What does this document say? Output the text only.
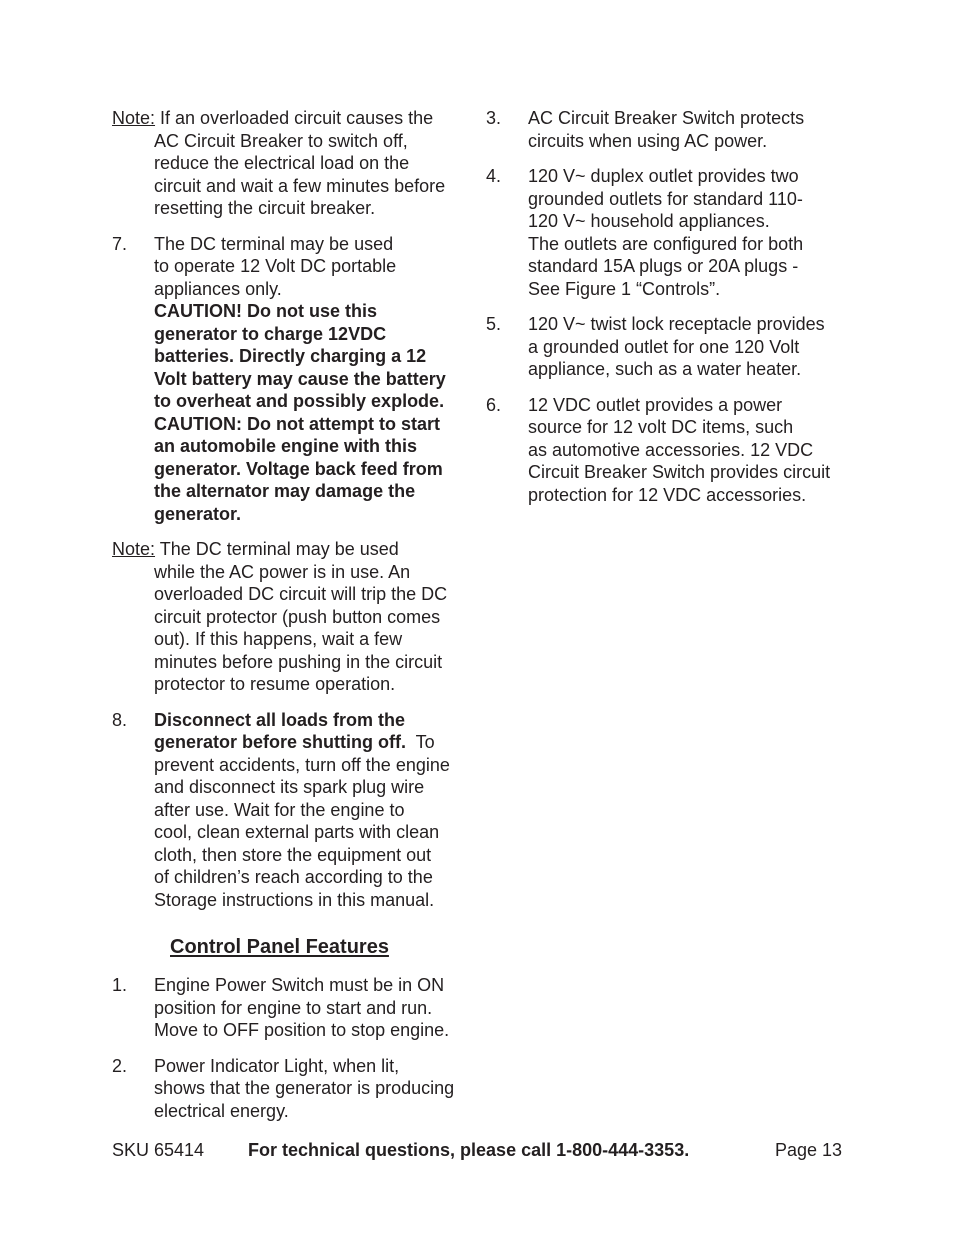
Note: If an overloaded circuit causes the
AC Circuit Breaker to switch off,
reduce the electrical load on the
circuit and wait a few minutes before
resetting the circuit breaker.
7. The DC terminal may be used
to operate 12 Volt DC portable
appliances only.
CAUTION! Do not use this
generator to charge 12VDC
batteries. Directly charging a 12
Volt battery may cause the battery
to overheat and possibly explode.
CAUTION: Do not attempt to start
an automobile engine with this
generator. Voltage back feed from
the alternator may damage the
generator.
Note: The DC terminal may be used
while the AC power is in use. An
overloaded DC circuit will trip the DC
circuit protector (push button comes
out). If this happens, wait a few
minutes before pushing in the circuit
protector to resume operation.
8. Disconnect all loads from the
generator before shutting off.  To
prevent accidents, turn off the engine
and disconnect its spark plug wire
after use. Wait for the engine to
cool, clean external parts with clean
cloth, then store the equipment out
of children’s reach according to the
Storage instructions in this manual.
Control Panel Features
1. Engine Power Switch must be in ON
position for engine to start and run.
Move to OFF position to stop engine.
2. Power Indicator Light, when lit,
shows that the generator is producing
electrical energy.
3. AC Circuit Breaker Switch protects
circuits when using AC power.
4. 120 V~ duplex outlet provides two
grounded outlets for standard 110-
120 V~ household appliances.
The outlets are configured for both
standard 15A plugs or 20A plugs -
See Figure 1 “Controls”.
5. 120 V~ twist lock receptacle provides
a grounded outlet for one 120 Volt
appliance, such as a water heater.
6. 12 VDC outlet provides a power
source for 12 volt DC items, such
as automotive accessories. 12 VDC
Circuit Breaker Switch provides circuit
protection for 12 VDC accessories.
SKU 65414 For technical questions, please call 1-800-444-3353.	Page 13
